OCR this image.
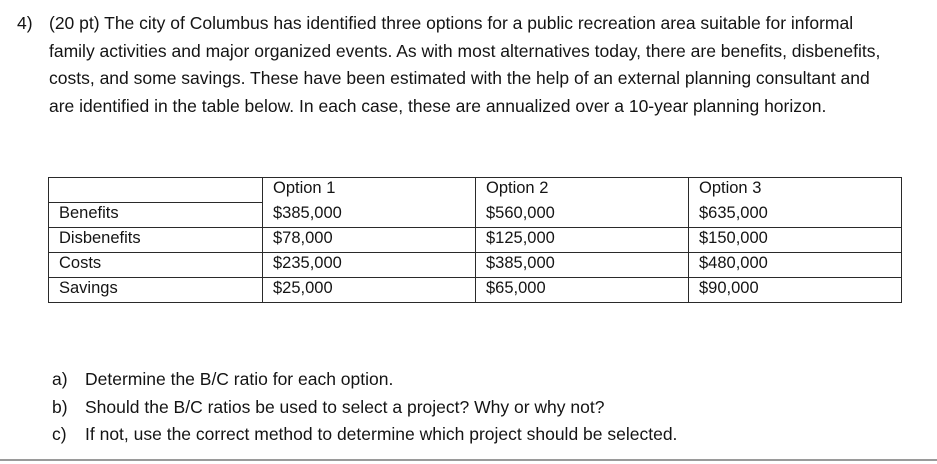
4) (20 pt) The city of Columbus has identified three options for a public recreation area suitable for informal family activities and major organized events. As with most alternatives today, there are benefits, disbenefits, costs, and some savings. These have been estimated with the help of an external planning consultant and are identified in the table below. In each case, these are annualized over a 10-year planning horizon.
	Option 1	Option 2	Option 3
Benefits	$385,000	$560,000	$635,000
Disbenefits	$78,000	$125,000	$150,000
Costs	$235,000	$385,000	$480,000
Savings	$25,000	$65,000	$90,000
a) Determine the B/C ratio for each option.
b) Should the B/C ratios be used to select a project? Why or why not?
c)	If not, use the correct method to determine which project should be selected.
